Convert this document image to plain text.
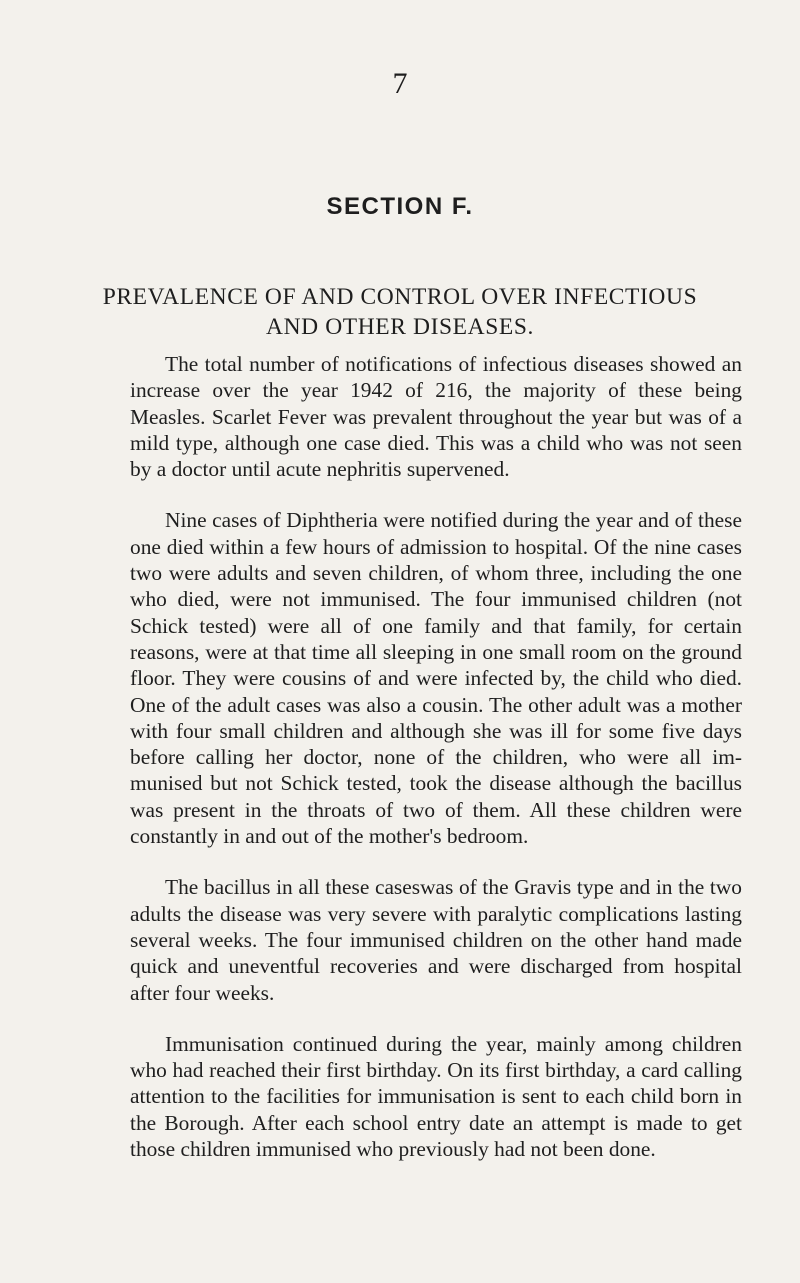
7
SECTION F.
PREVALENCE OF AND CONTROL OVER INFECTIOUS
AND OTHER DISEASES.

The total number of notifications of infectious diseases showed an increase over the year 1942 of 216, the majority of these being Measles. Scarlet Fever was prevalent throughout the year but was of a mild type, although one case died. This was a child who was not seen by a doctor until acute nephritis supervened.

Nine cases of Diphtheria were notified during the year and of these one died within a few hours of admission to hospital. Of the nine cases two were adults and seven children, of whom three, including the one who died, were not immunised. The four immunised children (not Schick tested) were all of one family and that family, for certain reasons, were at that time all sleeping in one small room on the ground floor. They were cousins of and were infected by, the child who died. One of the adult cases was also a cousin. The other adult was a mother with four small children and although she was ill for some five days before calling her doctor, none of the children, who were all immunised but not Schick tested, took the disease although the bacillus was present in the throats of two of them. All these children were constantly in and out of the mother's bedroom.

The bacillus in all these caseswas of the Gravis type and in the two adults the disease was very severe with paralytic complications lasting several weeks. The four immunised children on the other hand made quick and uneventful recoveries and were discharged from hospital after four weeks.

Immunisation continued during the year, mainly among children who had reached their first birthday. On its first birthday, a card calling attention to the facilities for immunisation is sent to each child born in the Borough. After each school entry date an attempt is made to get those children immunised who previously had not been done.
